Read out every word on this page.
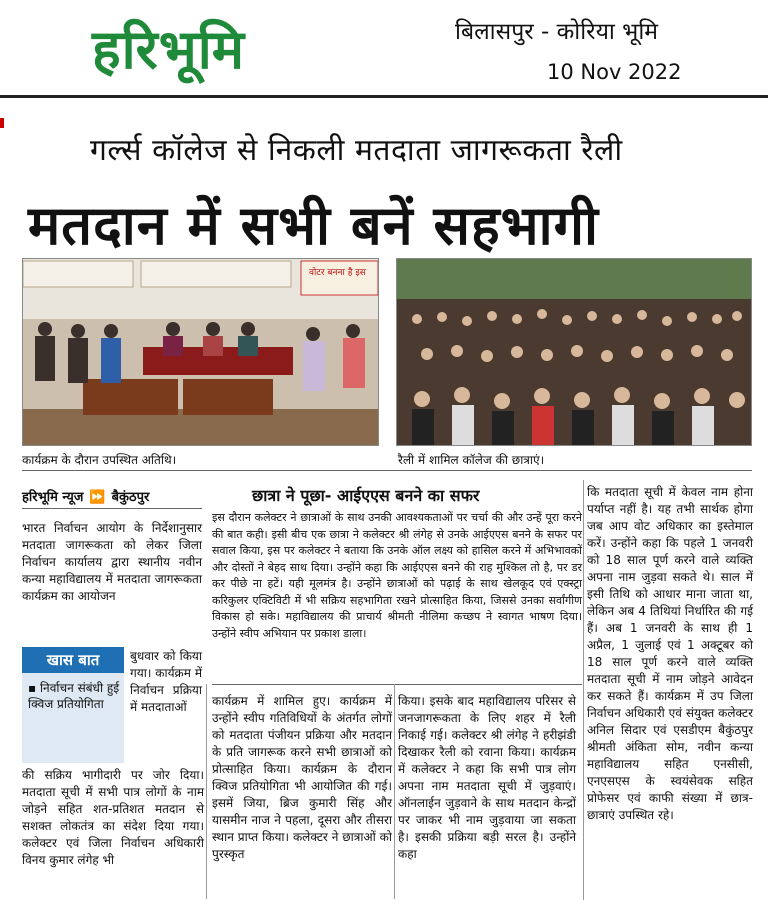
हरिभूमि	बिलासपुर - कोरिया भूमि
10 Nov 2022
गर्ल्स कॉलेज से निकली मतदाता जागरूकता रैली
मतदान में सभी बनें सहभागी
वोटर बनना है इस
कार्यक्रम के दौरान उपस्थित अतिथि।	रैली में शामिल कॉलेज की छात्राएं।
हरिभूमि न्यूज ⏩ बैकुंठपुर	छात्रा ने पूछा- आईएएस बनने का सफर
इस दौरान कलेक्टर ने छात्राओं के साथ उनकी आवश्यकताओं पर चर्चा की और उन्हें पूरा करने की बात कही। इसी बीच एक छात्रा ने कलेक्टर श्री लंगेह से उनके आईएएस बनने के सफर पर सवाल किया, इस पर कलेक्टर ने बताया कि उनके ऑल लक्ष्य को हासिल करने में अभिभावकों और दोस्तों ने बेहद साथ दिया। उन्होंने कहा कि आईएएस बनने की राह मुश्किल तो है, पर डर कर पीछे ना हटें। यही मूलमंत्र है। उन्होंने छात्राओं को पढ़ाई के साथ खेलकूद एवं एक्स्ट्रा करिकुलर एक्टिविटी में भी सक्रिय सहभागिता रखने प्रोत्साहित किया, जिससे उनका सर्वांगीण विकास हो सके। महाविद्यालय की प्राचार्य श्रीमती नीलिमा कच्छप ने स्वागत भाषण दिया। उन्होंने स्वीप अभियान पर प्रकाश डाला।
भारत निर्वाचन आयोग के निर्देशानुसार मतदाता जागरूकता को लेकर जिला निर्वाचन कार्यालय द्वारा स्थानीय नवीन कन्या महाविद्यालय में मतदाता जागरूकता कार्यक्रम का आयोजन
खास बात
▪ निर्वाचन संबंधी हुई क्विज प्रतियोगिता
बुधवार को किया गया। कार्यक्रम में निर्वाचन प्रक्रिया में मतदाताओं
की सक्रिय भागीदारी पर जोर दिया। मतदाता सूची में सभी पात्र लोगों के नाम जोड़ने सहित शत-प्रतिशत मतदान से सशक्त लोकतंत्र का संदेश दिया गया। कलेक्टर एवं जिला निर्वाचन अधिकारी विनय कुमार लंगेह भी
कार्यक्रम में शामिल हुए। कार्यक्रम में उन्होंने स्वीप गतिविधियों के अंतर्गत लोगों को मतदाता पंजीयन प्रक्रिया और मतदान के प्रति जागरूक करने सभी छात्राओं को प्रोत्साहित किया। कार्यक्रम के दौरान क्विज प्रतियोगिता भी आयोजित की गई। इसमें जिया, ब्रिज कुमारी सिंह और यासमीन नाज ने पहला, दूसरा और तीसरा स्थान प्राप्त किया। कलेक्टर ने छात्राओं को पुरस्कृत
किया। इसके बाद महाविद्यालय परिसर से जनजागरूकता के लिए शहर में रैली निकाई गई। कलेक्टर श्री लंगेह ने हरीझंडी दिखाकर रैली को रवाना किया। कार्यक्रम में कलेक्टर ने कहा कि सभी पात्र लोग अपना नाम मतदाता सूची में जुड़वाएं। ऑनलाईन जुड़वाने के साथ मतदान केन्द्रों पर जाकर भी नाम जुड़वाया जा सकता है। इसकी प्रक्रिया बड़ी सरल है। उन्होंने कहा
कि मतदाता सूची में केवल नाम होना पर्याप्त नहीं है। यह तभी सार्थक होगा जब आप वोट अधिकार का इस्तेमाल करें। उन्होंने कहा कि पहले 1 जनवरी को 18 साल पूर्ण करने वाले व्यक्ति अपना नाम जुड़वा सकते थे। साल में इसी तिथि को आधार माना जाता था, लेकिन अब 4 तिथियां निर्धारित की गई हैं। अब 1 जनवरी के साथ ही 1 अप्रैल, 1 जुलाई एवं 1 अक्टूबर को 18 साल पूर्ण करने वाले व्यक्ति मतदाता सूची में नाम जोड़ने आवेदन कर सकते हैं। कार्यक्रम में उप जिला निर्वाचन अधिकारी एवं संयुक्त कलेक्टर अनिल सिदार एवं एसडीएम बैकुंठपुर श्रीमती अंकिता सोम, नवीन कन्या महाविद्यालय सहित एनसीसी, एनएसएस के स्वयंसेवक सहित प्रोफेसर एवं काफी संख्या में छात्र-छात्राएं उपस्थित रहे।
